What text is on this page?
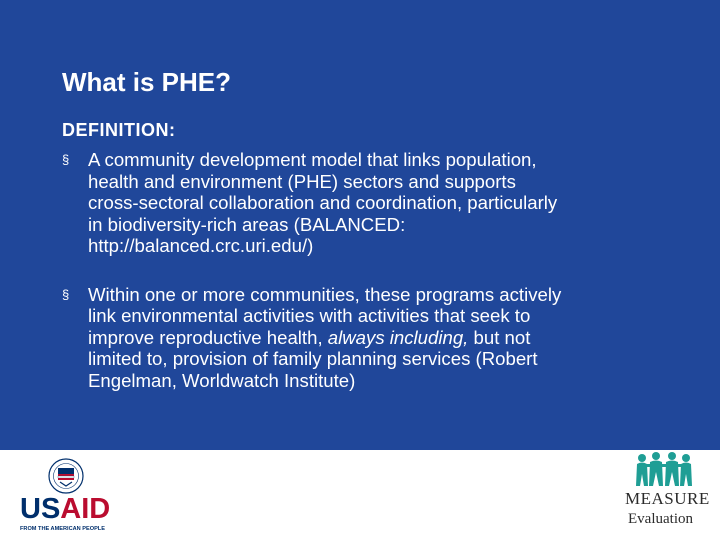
What is PHE?

DEFINITION:

§ A community development model that links population,
health and environment (PHE) sectors and supports
cross-sectoral collaboration and coordination, particularly
in biodiversity-rich areas (BALANCED:
http://balanced.crc.uri.edu/)
§ Within one or more communities, these programs actively
link environmental activities with activities that seek to
improve reproductive health, always including, but not
limited to, provision of family planning services (Robert
Engelman, Worldwatch Institute)
USAID
FROM THE AMERICAN PEOPLE
MEASURE
Evaluation
